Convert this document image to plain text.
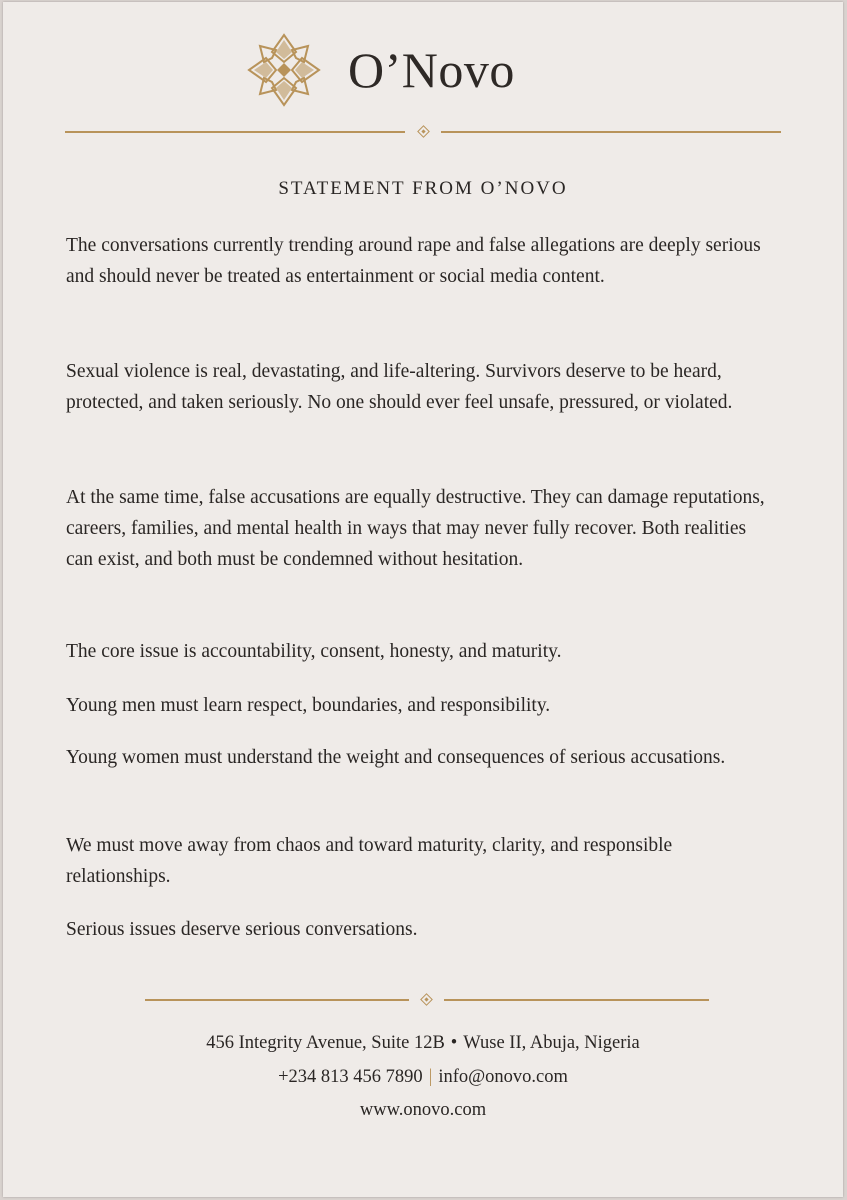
O’Novo
STATEMENT FROM O’NOVO

The conversations currently trending around rape and false allegations are deeply serious and should never be treated as entertainment or social media content.

Sexual violence is real, devastating, and life-altering. Survivors deserve to be heard, protected, and taken seriously. No one should ever feel unsafe, pressured, or violated.

At the same time, false accusations are equally destructive. They can damage reputations, careers, families, and mental health in ways that may never fully recover. Both realities can exist, and both must be condemned without hesitation.

The core issue is accountability, consent, honesty, and maturity.

Young men must learn respect, boundaries, and responsibility.

Young women must understand the weight and consequences of serious accusations.

We must move away from chaos and toward maturity, clarity, and responsible relationships.

Serious issues deserve serious conversations.

456 Integrity Avenue, Suite 12B • Wuse II, Abuja, Nigeria
+234 813 456 7890 | info@onovo.com
www.onovo.com
